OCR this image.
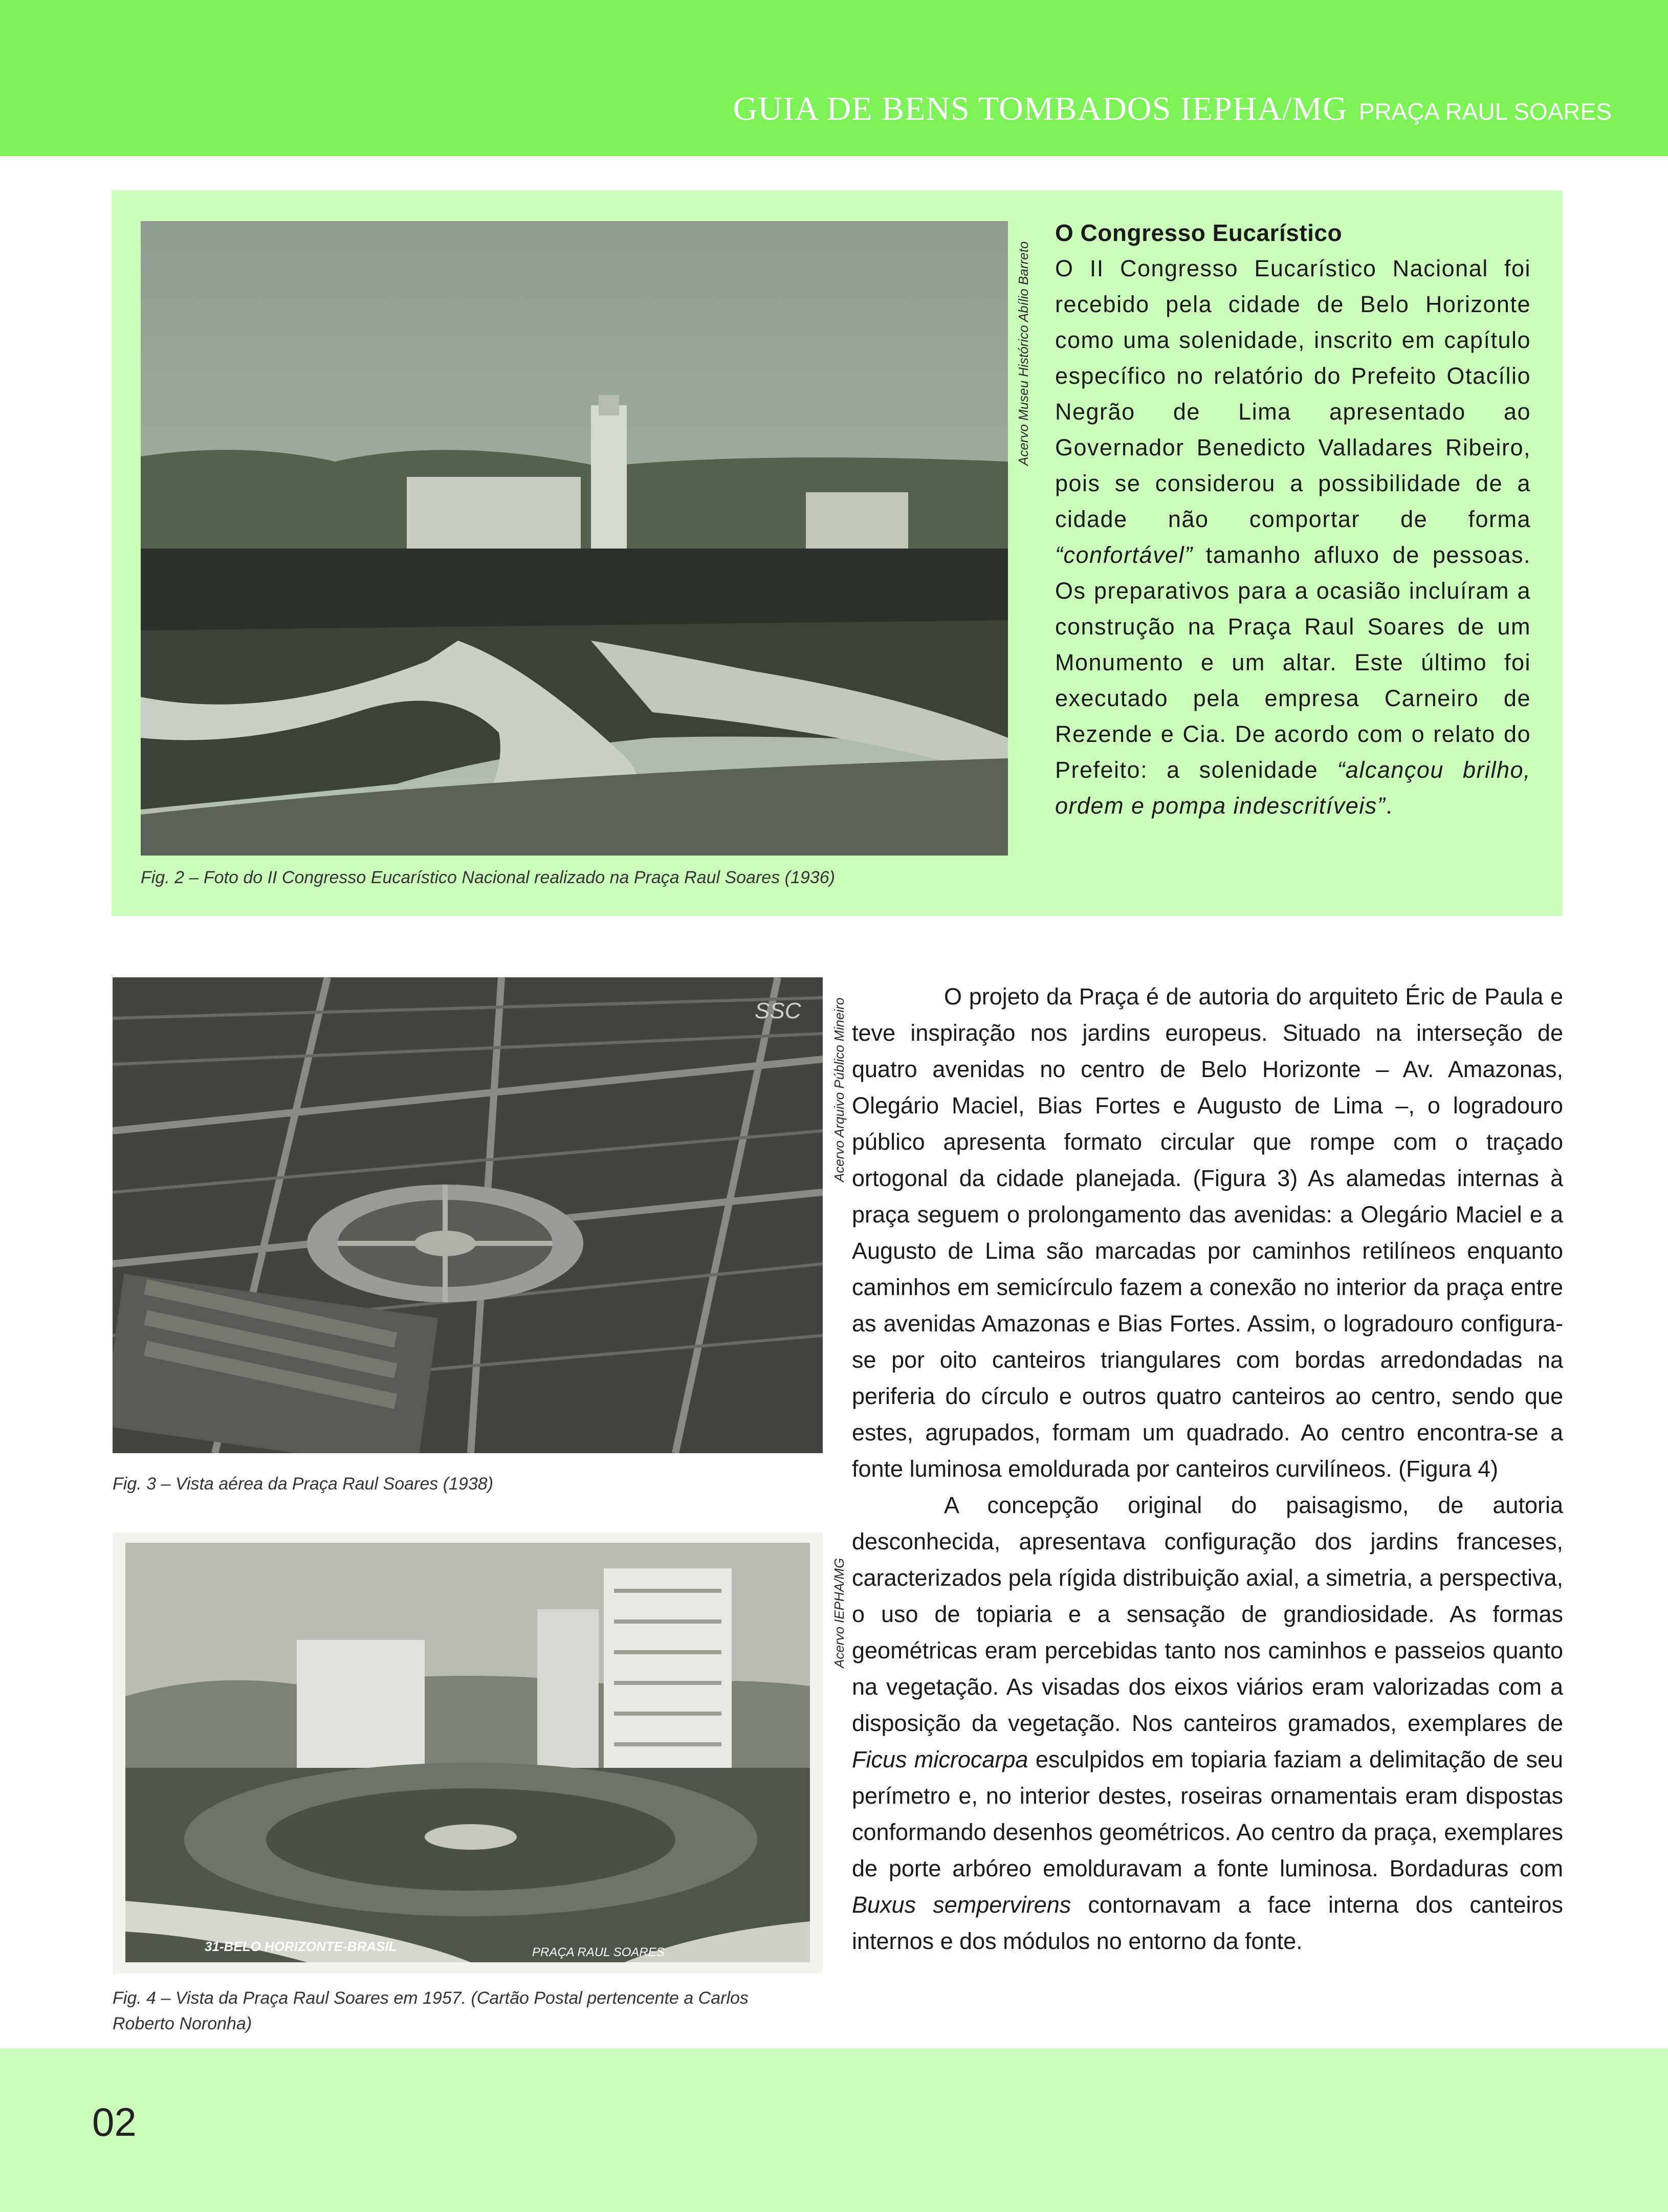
GUIA DE BENS TOMBADOS IEPHA/MG PRAÇA RAUL SOARES
Acervo Museu Histórico Abílio Barreto
Fig. 2 – Foto do II Congresso Eucarístico Nacional realizado na Praça Raul Soares (1936)
O Congresso Eucarístico

O II Congresso Eucarístico Nacional foi recebido pela cidade de Belo Horizonte como uma solenidade, inscrito em capítulo específico no relatório do Prefeito Otacílio Negrão de Lima apresentado ao Governador Benedicto Valladares Ribeiro, pois se considerou a possibilidade de a cidade não comportar de forma “confortável” tamanho afluxo de pessoas. Os preparativos para a ocasião incluíram a construção na Praça Raul Soares de um Monumento e um altar. Este último foi executado pela empresa Carneiro de Rezende e Cia. De acordo com o relato do Prefeito: a solenidade “alcançou brilho, ordem e pompa indescritíveis”.

SSC Acervo Arquivo Público Mineiro
Fig. 3 – Vista aérea da Praça Raul Soares (1938)
31-BELO HORIZONTE-BRASIL	PRAÇA RAUL SOARES
Acervo IEPHA/MG
Fig. 4 – Vista da Praça Raul Soares em 1957. (Cartão Postal pertencente a Carlos Roberto Noronha)

O projeto da Praça é de autoria do arquiteto Éric de Paula e teve inspiração nos jardins europeus. Situado na interseção de quatro avenidas no centro de Belo Horizonte – Av. Amazonas, Olegário Maciel, Bias Fortes e Augusto de Lima –, o logradouro público apresenta formato circular que rompe com o traçado ortogonal da cidade planejada. (Figura 3) As alamedas internas à praça seguem o prolongamento das avenidas: a Olegário Maciel e a Augusto de Lima são marcadas por caminhos retilíneos enquanto caminhos em semicírculo fazem a conexão no interior da praça entre as avenidas Amazonas e Bias Fortes. Assim, o logradouro configura-se por oito canteiros triangulares com bordas arredondadas na periferia do círculo e outros quatro canteiros ao centro, sendo que estes, agrupados, formam um quadrado. Ao centro encontra-se a fonte luminosa emoldurada por canteiros curvilíneos. (Figura 4)

A concepção original do paisagismo, de autoria desconhecida, apresentava configuração dos jardins franceses, caracterizados pela rígida distribuição axial, a simetria, a perspectiva, o uso de topiaria e a sensação de grandiosidade. As formas geométricas eram percebidas tanto nos caminhos e passeios quanto na vegetação. As visadas dos eixos viários eram valorizadas com a disposição da vegetação. Nos canteiros gramados, exemplares de Ficus microcarpa esculpidos em topiaria faziam a delimitação de seu perímetro e, no interior destes, roseiras ornamentais eram dispostas conformando desenhos geométricos. Ao centro da praça, exemplares de porte arbóreo emolduravam a fonte luminosa. Bordaduras com Buxus sempervirens contornavam a face interna dos canteiros internos e dos módulos no entorno da fonte.

02
